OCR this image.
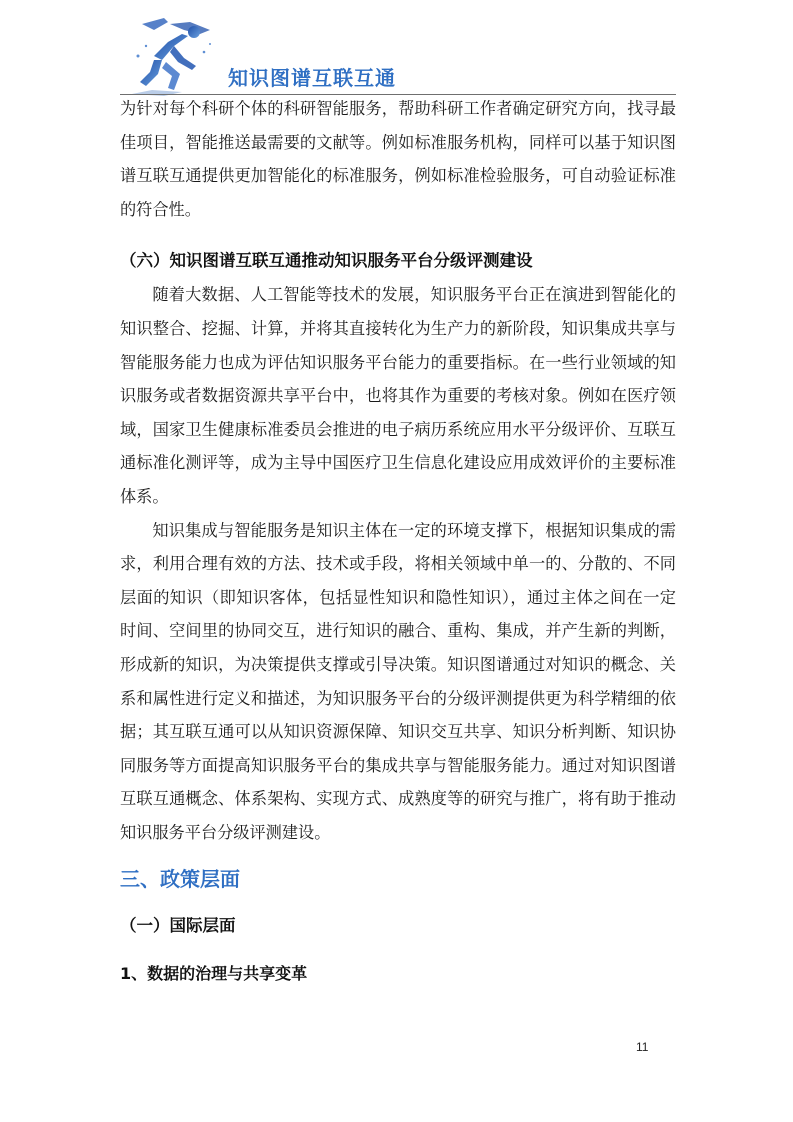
知识图谱互联互通

为针对每个科研个体的科研智能服务，帮助科研工作者确定研究方向，找寻最佳项目，智能推送最需要的文献等。例如标准服务机构，同样可以基于知识图谱互联互通提供更加智能化的标准服务，例如标准检验服务，可自动验证标准的符合性。

（六）知识图谱互联互通推动知识服务平台分级评测建设

随着大数据、人工智能等技术的发展，知识服务平台正在演进到智能化的知识整合、挖掘、计算，并将其直接转化为生产力的新阶段，知识集成共享与智能服务能力也成为评估知识服务平台能力的重要指标。在一些行业领域的知识服务或者数据资源共享平台中，也将其作为重要的考核对象。例如在医疗领域，国家卫生健康标准委员会推进的电子病历系统应用水平分级评价、互联互通标准化测评等，成为主导中国医疗卫生信息化建设应用成效评价的主要标准体系。

知识集成与智能服务是知识主体在一定的环境支撑下，根据知识集成的需求，利用合理有效的方法、技术或手段，将相关领域中单一的、分散的、不同层面的知识（即知识客体，包括显性知识和隐性知识），通过主体之间在一定时间、空间里的协同交互，进行知识的融合、重构、集成，并产生新的判断，形成新的知识，为决策提供支撑或引导决策。知识图谱通过对知识的概念、关系和属性进行定义和描述，为知识服务平台的分级评测提供更为科学精细的依据；其互联互通可以从知识资源保障、知识交互共享、知识分析判断、知识协同服务等方面提高知识服务平台的集成共享与智能服务能力。通过对知识图谱互联互通概念、体系架构、实现方式、成熟度等的研究与推广，将有助于推动知识服务平台分级评测建设。

三、政策层面
（一）国际层面
1、数据的治理与共享变革
11
